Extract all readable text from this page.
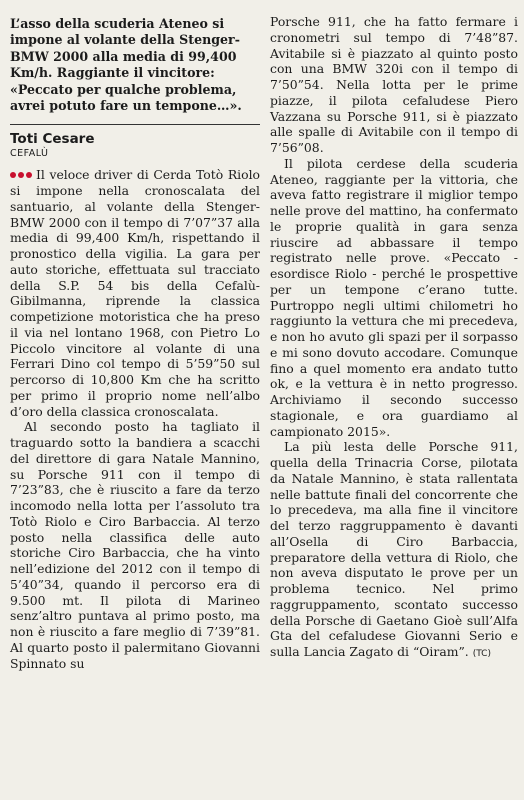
L’asso della scuderia Ateneo si impone al volante della Stenger-BMW 2000 alla media di 99,400 Km/h. Raggiante il vincitore: «Peccato per qualche problema, avrei potuto fare un tempone…».
Toti Cesare
CEFALÙ

Il veloce driver di Cerda Totò Riolo si impone nella cronoscalata del santuario, al volante della Stenger-BMW 2000 con il tempo di 7’07”37 alla media di 99,400 Km/h, rispettando il pronostico della vigilia. La gara per auto storiche, effettuata sul tracciato della S.P. 54 bis della Cefalù-Gibilmanna, riprende la classica competizione motoristica che ha preso il via nel lontano 1968, con Pietro Lo Piccolo vincitore al volante di una Ferrari Dino col tempo di 5’59”50 sul percorso di 10,800 Km che ha scritto per primo il proprio nome nell’albo d’oro della classica cronoscalata.

Al secondo posto ha tagliato il traguardo sotto la bandiera a scacchi del direttore di gara Natale Mannino, su Porsche 911 con il tempo di 7’23”83, che è riuscito a fare da terzo incomodo nella lotta per l’assoluto tra Totò Riolo e Ciro Barbaccia. Al terzo posto nella classifica delle auto storiche Ciro Barbaccia, che ha vinto nell’edizione del 2012 con il tempo di 5’40”34, quando il percorso era di 9.500 mt. Il pilota di Marineo senz’altro puntava al primo posto, ma non è riuscito a fare meglio di 7’39”81. Al quarto posto il palermitano Giovanni Spinnato su

Porsche 911, che ha fatto fermare i cronometri sul tempo di 7’48”87. Avitabile si è piazzato al quinto posto con una BMW 320i con il tempo di 7’50”54. Nella lotta per le prime piazze, il pilota cefaludese Piero Vazzana su Porsche 911, si è piazzato alle spalle di Avitabile con il tempo di 7’56”08.

Il pilota cerdese della scuderia Ateneo, raggiante per la vittoria, che aveva fatto registrare il miglior tempo nelle prove del mattino, ha confermato le proprie qualità in gara senza riuscire ad abbassare il tempo registrato nelle prove. «Peccato - esordisce Riolo - perché le prospettive per un tempone c’erano tutte. Purtroppo negli ultimi chilometri ho raggiunto la vettura che mi precedeva, e non ho avuto gli spazi per il sorpasso e mi sono dovuto accodare. Comunque fino a quel momento era andato tutto ok, e la vettura è in netto progresso. Archiviamo il secondo successo stagionale, e ora guardiamo al campionato 2015».

La più lesta delle Porsche 911, quella della Trinacria Corse, pilotata da Natale Mannino, è stata rallentata nelle battute finali del concorrente che lo precedeva, ma alla fine il vincitore del terzo raggruppamento è davanti all’Osella di Ciro Barbaccia, preparatore della vettura di Riolo, che non aveva disputato le prove per un problema tecnico. Nel primo raggruppamento, scontato successo della Porsche di Gaetano Gioè sull’Alfa Gta del cefaludese Giovanni Serio e sulla Lancia Zagato di “Oiram”. (TC)
